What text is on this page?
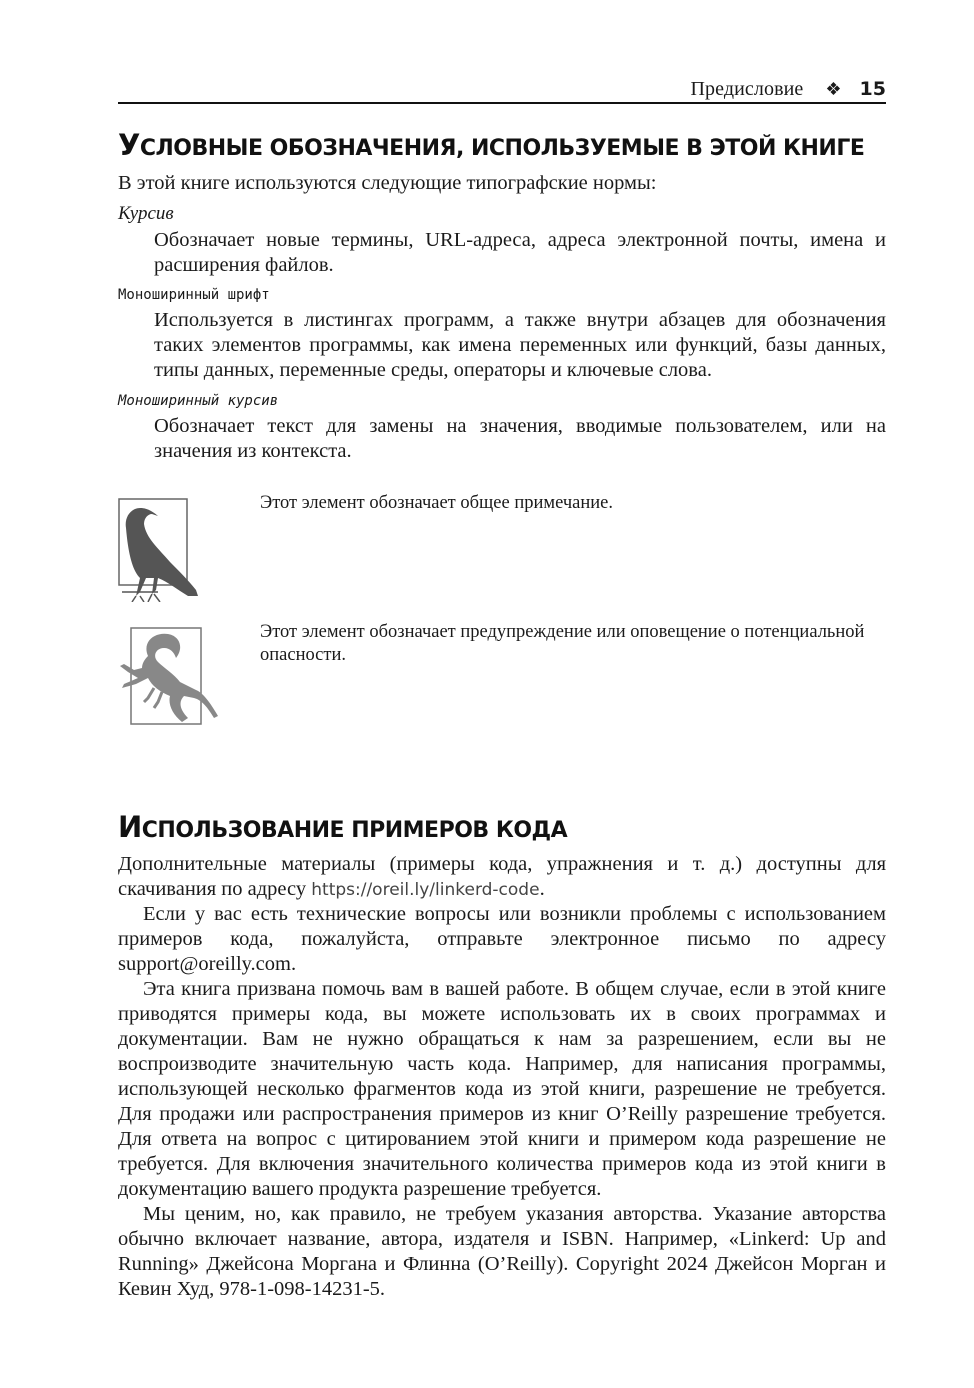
Предисловие ❖ 15
УСЛОВНЫЕ ОБОЗНАЧЕНИЯ, ИСПОЛЬЗУЕМЫЕ В ЭТОЙ КНИГЕ
В этой книге используются следующие типографские нормы:
Курсив
Обозначает новые термины, URL-адреса, адреса электронной почты, имена и расширения файлов.
Моноширинный шрифт
Используется в листингах программ, а также внутри абзацев для обозначения таких элементов программы, как имена переменных или функций, базы данных, типы данных, переменные среды, операторы и ключевые слова.
Моноширинный курсив
Обозначает текст для замены на значения, вводимые пользователем, или на значения из контекста.
Этот элемент обозначает общее примечание.
Этот элемент обозначает предупреждение или оповещение о потенциальной опасности.
ИСПОЛЬЗОВАНИЕ ПРИМЕРОВ КОДА
Дополнительные материалы (примеры кода, упражнения и т. д.) доступны для скачивания по адресу https://oreil.ly/linkerd-code.
Если у вас есть технические вопросы или возникли проблемы с использованием примеров кода, пожалуйста, отправьте электронное письмо по адресу support@oreilly.com.
Эта книга призвана помочь вам в вашей работе. В общем случае, если в этой книге приводятся примеры кода, вы можете использовать их в своих программах и документации. Вам не нужно обращаться к нам за разрешением, если вы не воспроизводите значительную часть кода. Например, для написания программы, использующей несколько фрагментов кода из этой книги, разрешение не требуется. Для продажи или распространения примеров из книг O’Reilly разрешение требуется. Для ответа на вопрос с цитированием этой книги и примером кода разрешение не требуется. Для включения значительного количества примеров кода из этой книги в документацию вашего продукта разрешение требуется.
Мы ценим, но, как правило, не требуем указания авторства. Указание авторства обычно включает название, автора, издателя и ISBN. Например, «Linkerd: Up and Running» Джейсона Моргана и Флинна (O’Reilly). Copyright 2024 Джейсон Морган и Кевин Худ, 978-1-098-14231-5.
